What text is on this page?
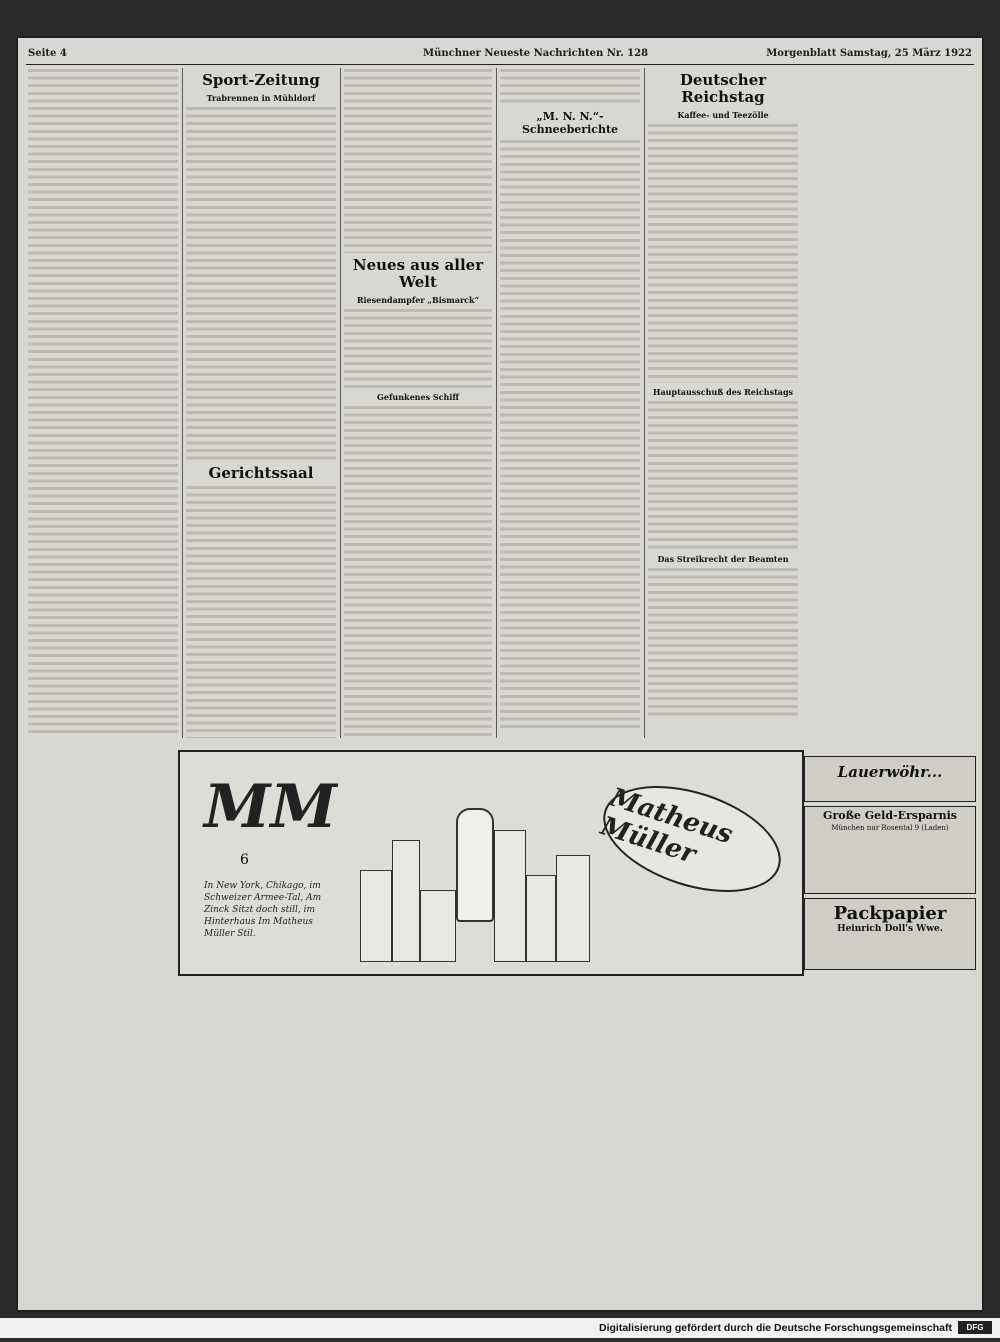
Seite 4	Münchner Neueste Nachrichten Nr. 128	Morgenblatt Samstag, 25 März 1922
Sport-Zeitung
Trabrennen in Mühldorf
Gerichtssaal
Neues aus aller Welt
Riesendampfer „Bismarck“
Gefunkenes Schiff
„M. N. N.“-Schneeberichte
Deutscher Reichstag
Kaffee- und Teezölle
Hauptausschuß des Reichstags
Das Streikrecht der Beamten
Lauerwöhr...
Große Geld-Ersparnis
München nur Rosental 9 (Laden)
Packpapier
Heinrich Doll's Wwe.
MM
6
In New York, Chikago, im Schweizer Armee-Tal, Am Zinck Sitzt doch still, im Hinterhaus Im Matheus Müller Stil.
Matheus Müller
Digitalisierung gefördert durch die Deutsche Forschungsgemeinschaft	DFG
